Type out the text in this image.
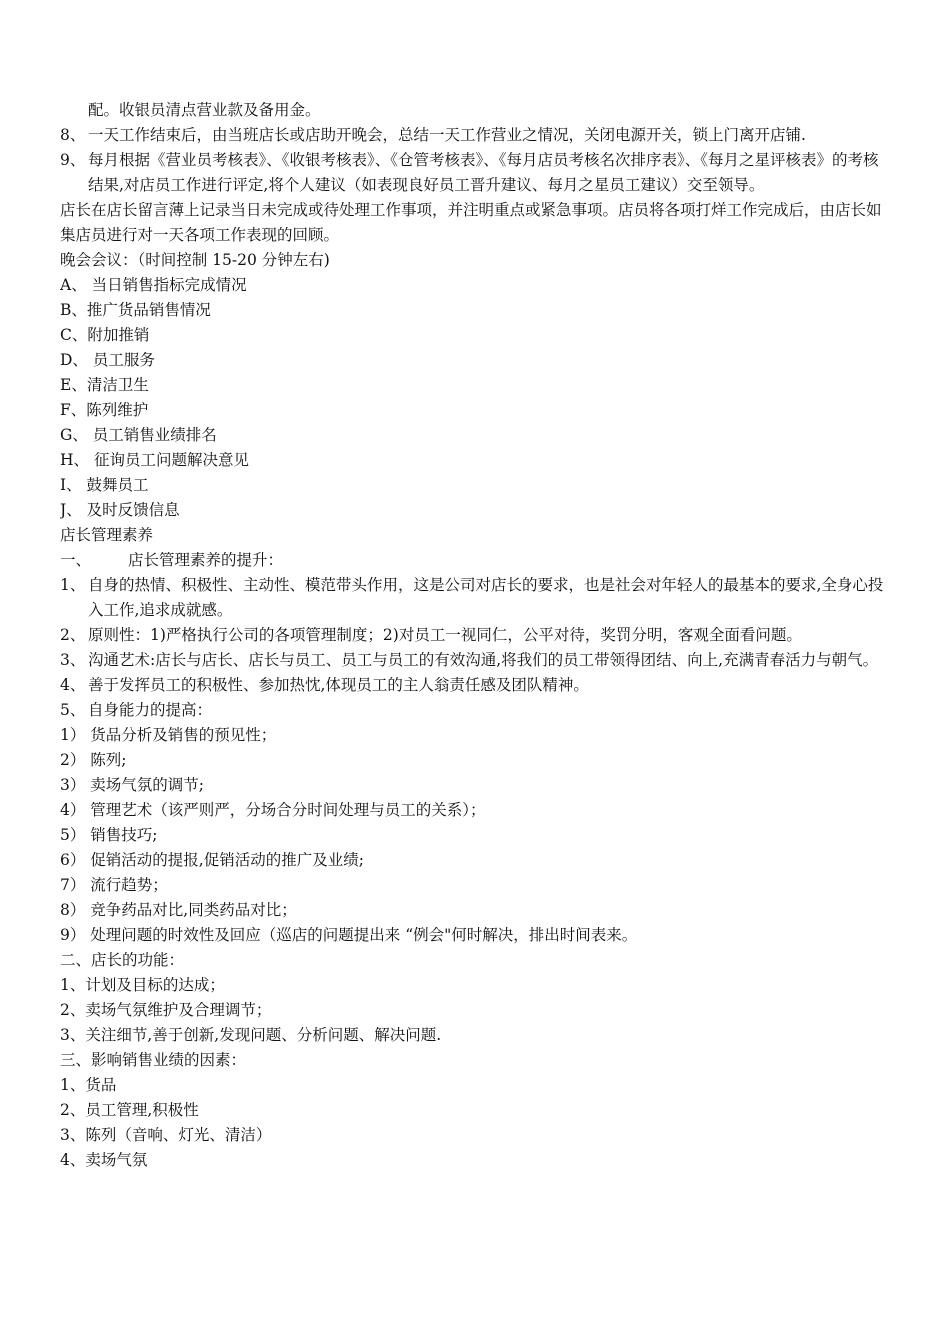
配。收银员清点营业款及备用金。
8、 一天工作结束后，由当班店长或店助开晚会，总结一天工作营业之情况，关闭电源开关，锁上门离开店铺.
9、 每月根据《营业员考核表》、《收银考核表》、《仓管考核表》、《每月店员考核名次排序表》、《每月之星评核表》的考核结果,对店员工作进行评定,将个人建议（如表现良好员工晋升建议、每月之星员工建议）交至领导。
店长在店长留言薄上记录当日未完成或待处理工作事项，并注明重点或紧急事项。店员将各项打烊工作完成后，由店长如集店员进行对一天各项工作表现的回顾。
晚会会议：（时间控制 15-20 分钟左右)
A、 当日销售指标完成情况
B、推广货品销售情况
C、附加推销
D、 员工服务
E、清洁卫生
F、陈列维护
G、 员工销售业绩排名
H、 征询员工问题解决意见
I、 鼓舞员工
J、 及时反馈信息
店长管理素养
一、	店长管理素养的提升：
1、 自身的热情、积极性、主动性、模范带头作用，这是公司对店长的要求，也是社会对年轻人的最基本的要求,全身心投入工作,追求成就感。
2、 原则性：1)严格执行公司的各项管理制度；2)对员工一视同仁，公平对待，奖罚分明，客观全面看问题。
3、 沟通艺术:店长与店长、店长与员工、员工与员工的有效沟通,将我们的员工带领得团结、向上,充满青春活力与朝气。
4、 善于发挥员工的积极性、参加热忱,体现员工的主人翁责任感及团队精神。
5、 自身能力的提高：
1） 货品分析及销售的预见性；
2） 陈列;
3） 卖场气氛的调节;
4） 管理艺术（该严则严，分场合分时间处理与员工的关系）；
5） 销售技巧;
6） 促销活动的提报,促销活动的推广及业绩;
7） 流行趋势；
8） 竞争药品对比,同类药品对比；
9） 处理问题的时效性及回应（巡店的问题提出来 “例会"何时解决，排出时间表来。
二、店长的功能：
1、计划及目标的达成；
2、卖场气氛维护及合理调节；
3、关注细节,善于创新,发现问题、分析问题、解决问题.
三、影响销售业绩的因素：
1、货品
2、员工管理,积极性
3、陈列（音响、灯光、清洁）
4、卖场气氛
